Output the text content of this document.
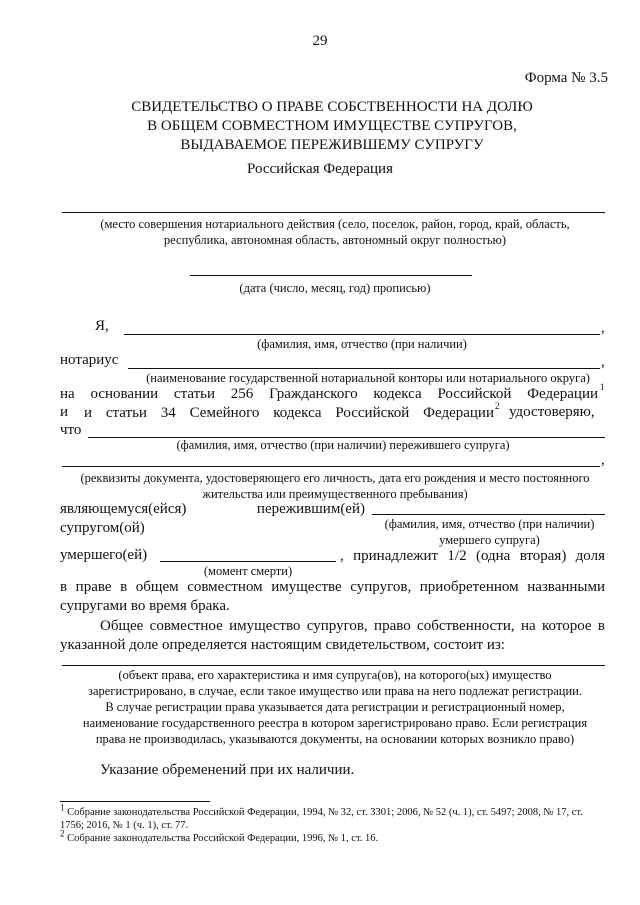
29
Форма № 3.5
СВИДЕТЕЛЬСТВО О ПРАВЕ СОБСТВЕННОСТИ НА ДОЛЮ
В ОБЩЕМ СОВМЕСТНОМ ИМУЩЕСТВЕ СУПРУГОВ,
ВЫДАВАЕМОЕ ПЕРЕЖИВШЕМУ СУПРУГУ
Российская Федерация
(место совершения нотариального действия (село, поселок, район, город, край, область,
республика, автономная область, автономный округ полностью)
(дата (число, месяц, год) прописью)
Я,	,
(фамилия, имя, отчество (при наличии)
нотариус	,
(наименование государственной нотариальной конторы или нотариального округа)
на основании статьи 256 Гражданского кодекса Российской Федерации 1
и и статьи 34 Семейного кодекса Российской Федерации 2 удостоверяю,
что
(фамилия, имя, отчество (при наличии) пережившего супруга)
,
(реквизиты документа, удостоверяющего его личность, дата его рождения и место постоянного
жительства или преимущественного пребывания)
являющемуся(ейся) пережившим(ей) супругом(ой)	(фамилия, имя, отчество (при наличии)
умершего супруга)
умершего(ей)	, принадлежит 1/2 (одна вторая) доля
(момент смерти)
в праве в общем совместном имуществе супругов, приобретенном названными супругами во время брака.
Общее совместное имущество супругов, право собственности, на которое в указанной доле определяется настоящим свидетельством, состоит из:
(объект права, его характеристика и имя супруга(ов), на которого(ых) имущество
зарегистрировано, в случае, если такое имущество или права на него подлежат регистрации.
В случае регистрации права указывается дата регистрации и регистрационный номер,
наименование государственного реестра в котором зарегистрировано право. Если регистрация
права не производилась, указываются документы, на основании которых возникло право)
Указание обременений при их наличии.
$^1$ Собрание законодательства Российской Федерации, 1994, № 32, ст. 3301; 2006, № 52 (ч. 1), ст. 5497; 2008, № 17, ст. 1756; 2016, № 1 (ч. 1), ст. 77.
$^2$ Собрание законодательства Российской Федерации, 1996, № 1, ст. 16.
